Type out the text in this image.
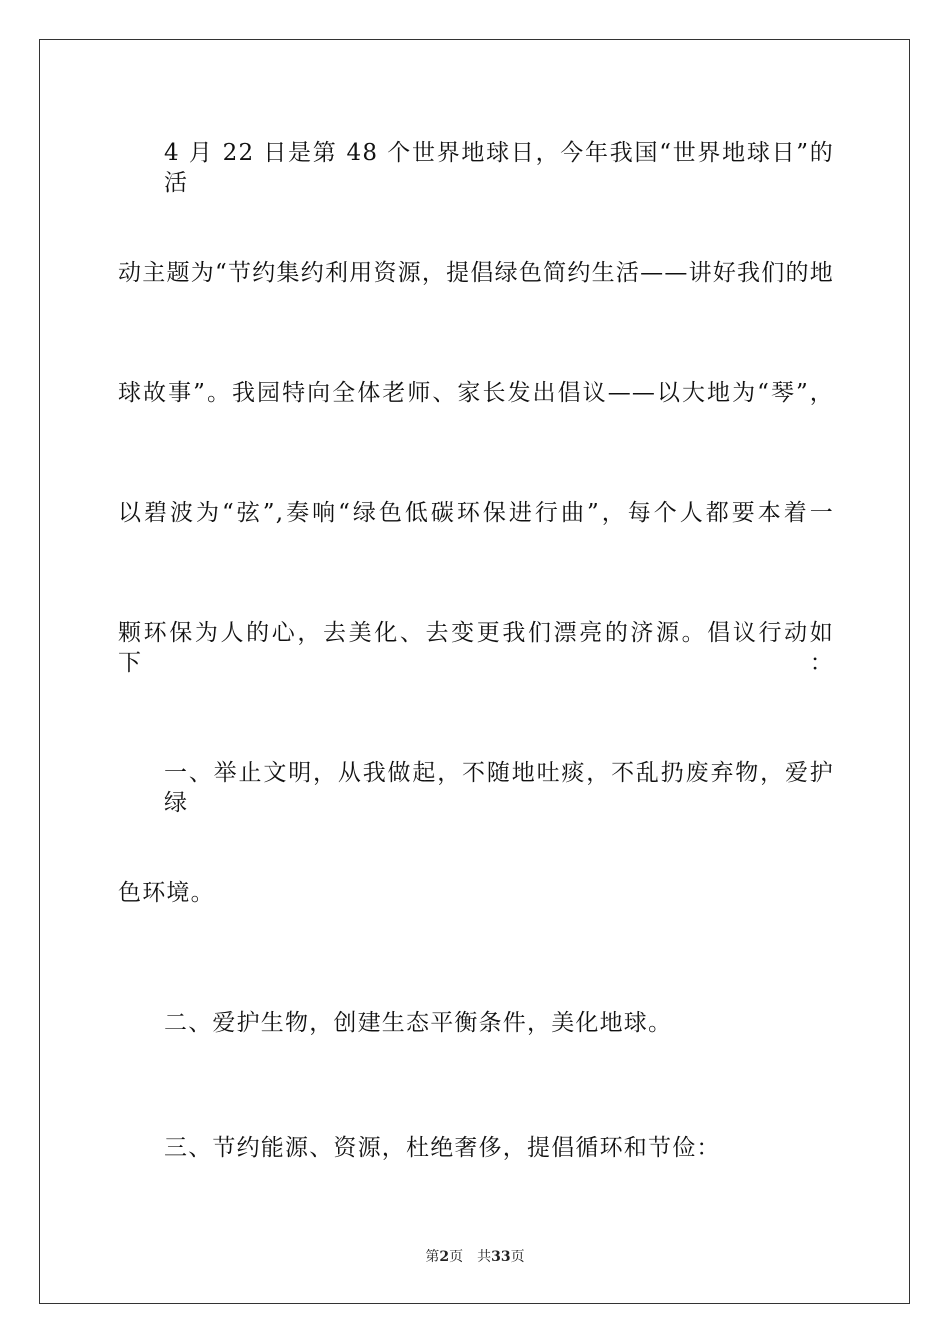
4 月 22 日是第 48 个世界地球日，今年我国“世界地球日”的活
动主题为“节约集约利用资源，提倡绿色简约生活——讲好我们的地
球故事”。我园特向全体老师、家长发出倡议——以大地为“琴”，
以碧波为“弦”,奏响“绿色低碳环保进行曲”，每个人都要本着一
颗环保为人的心，去美化、去变更我们漂亮的济源。倡议行动如下：
一、举止文明，从我做起，不随地吐痰，不乱扔废弃物，爱护绿
色环境。
二、爱护生物，创建生态平衡条件，美化地球。
三、节约能源、资源，杜绝奢侈，提倡循环和节俭：
第2页 共33页
